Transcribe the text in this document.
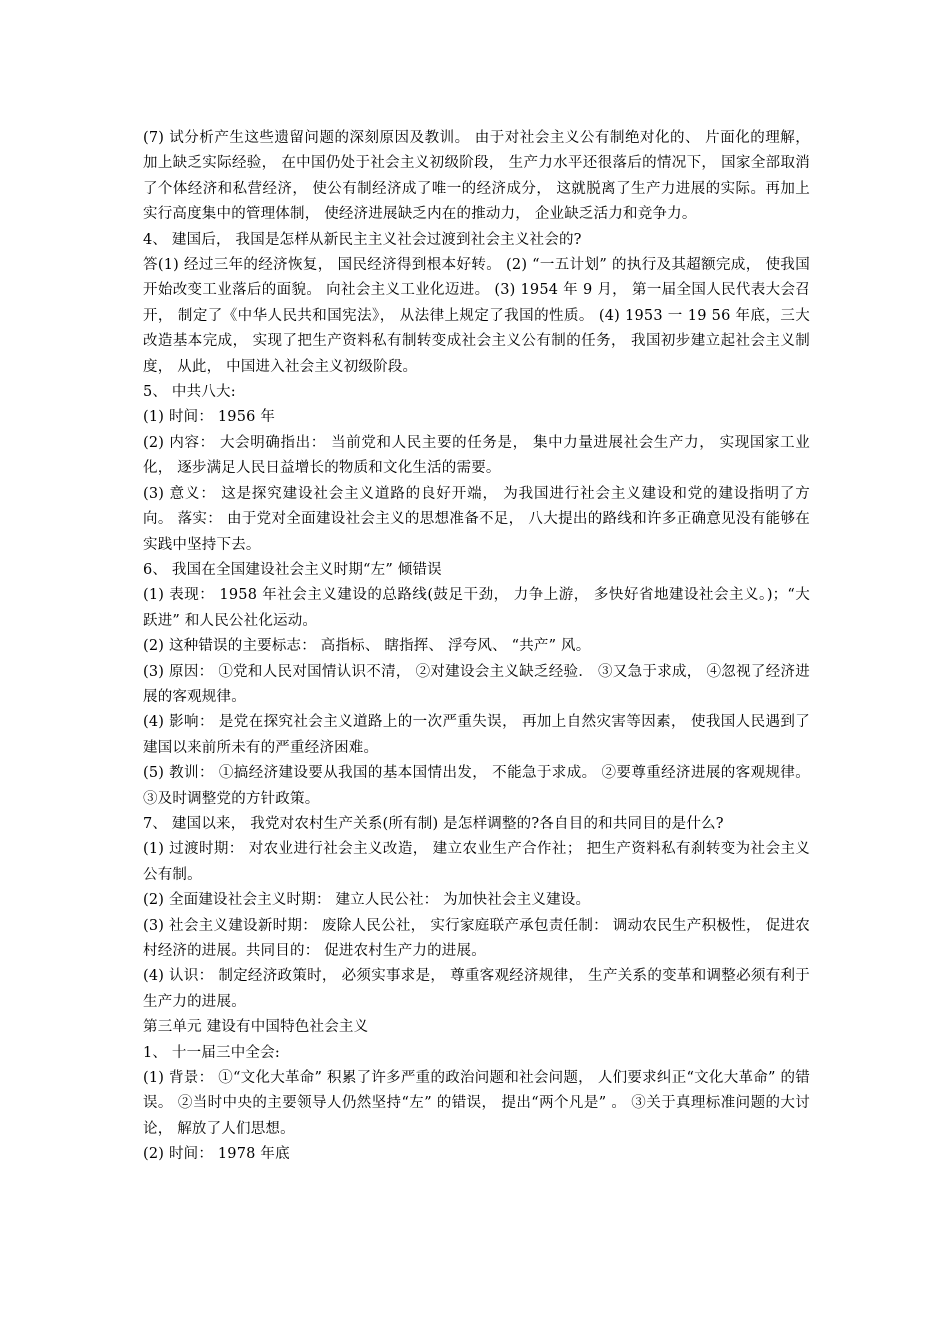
(7) 试分析产生这些遗留问题的深刻原因及教训。 由于对社会主义公有制绝对化的、 片面化的理解， 加上缺乏实际经验， 在中国仍处于社会主义初级阶段， 生产力水平还很落后的情况下， 国家全部取消了个体经济和私营经济， 使公有制经济成了唯一的经济成分， 这就脱离了生产力进展的实际。再加上实行高度集中的管理体制， 使经济进展缺乏内在的推动力， 企业缺乏活力和竞争力。

4、 建国后， 我国是怎样从新民主主义社会过渡到社会主义社会的?

答(1) 经过三年的经济恢复， 国民经济得到根本好转。 (2) “一五计划” 的执行及其超额完成， 使我国开始改变工业落后的面貌。 向社会主义工业化迈进。 (3) 1954 年 9 月， 第一届全国人民代表大会召开， 制定了《中华人民共和国宪法》， 从法律上规定了我国的性质。 (4) 1953 一 19 56 年底，三大改造基本完成， 实现了把生产资料私有制转变成社会主义公有制的任务， 我国初步建立起社会主义制度， 从此， 中国进入社会主义初级阶段。

5、 中共八大:

(1) 时间： 1956 年

(2) 内容： 大会明确指出： 当前党和人民主要的任务是， 集中力量进展社会生产力， 实现国家工业化， 逐步满足人民日益增长的物质和文化生活的需要。

(3) 意义： 这是探究建设社会主义道路的良好开端， 为我国进行社会主义建设和党的建设指明了方向。 落实： 由于党对全面建设社会主义的思想准备不足， 八大提出的路线和许多正确意见没有能够在实践中坚持下去。

6、 我国在全国建设社会主义时期“左” 倾错误

(1) 表现： 1958 年社会主义建设的总路线(鼓足干劲， 力争上游， 多快好省地建设社会主义。)；“大跃进” 和人民公社化运动。

(2) 这种错误的主要标志： 高指标、 瞎指挥、 浮夸风、 “共产” 风。

(3) 原因： ①党和人民对国情认识不清， ②对建设会主义缺乏经验． ③又急于求成， ④忽视了经济进展的客观规律。

(4) 影响： 是党在探究社会主义道路上的一次严重失误， 再加上自然灾害等因素， 使我国人民遇到了建国以来前所未有的严重经济困难。

(5) 教训： ①搞经济建设要从我国的基本国情出发， 不能急于求成。 ②要尊重经济进展的客观规律。 ③及时调整党的方针政策。

7、 建国以来， 我党对农村生产关系(所有制) 是怎样调整的?各自目的和共同目的是什么?

(1) 过渡时期： 对农业进行社会主义改造， 建立农业生产合作社； 把生产资料私有刹转变为社会主义公有制。

(2) 全面建设社会主义时期： 建立人民公社： 为加快社会主义建设。

(3) 社会主义建设新时期： 废除人民公社， 实行家庭联产承包责任制： 调动农民生产积极性， 促进农村经济的进展。共同目的： 促进农村生产力的进展。

(4) 认识： 制定经济政策时， 必须实事求是， 尊重客观经济规律， 生产关系的变革和调整必须有利于生产力的进展。

第三单元 建设有中国特色社会主义

1、 十一届三中全会:

(1) 背景： ①“文化大革命” 积累了许多严重的政治问题和社会问题， 人们要求纠正“文化大革命” 的错误。 ②当时中央的主要领导人仍然坚持“左” 的错误， 提出“两个凡是” 。 ③关于真理标准问题的大讨论， 解放了人们思想。

(2) 时间： 1978 年底
